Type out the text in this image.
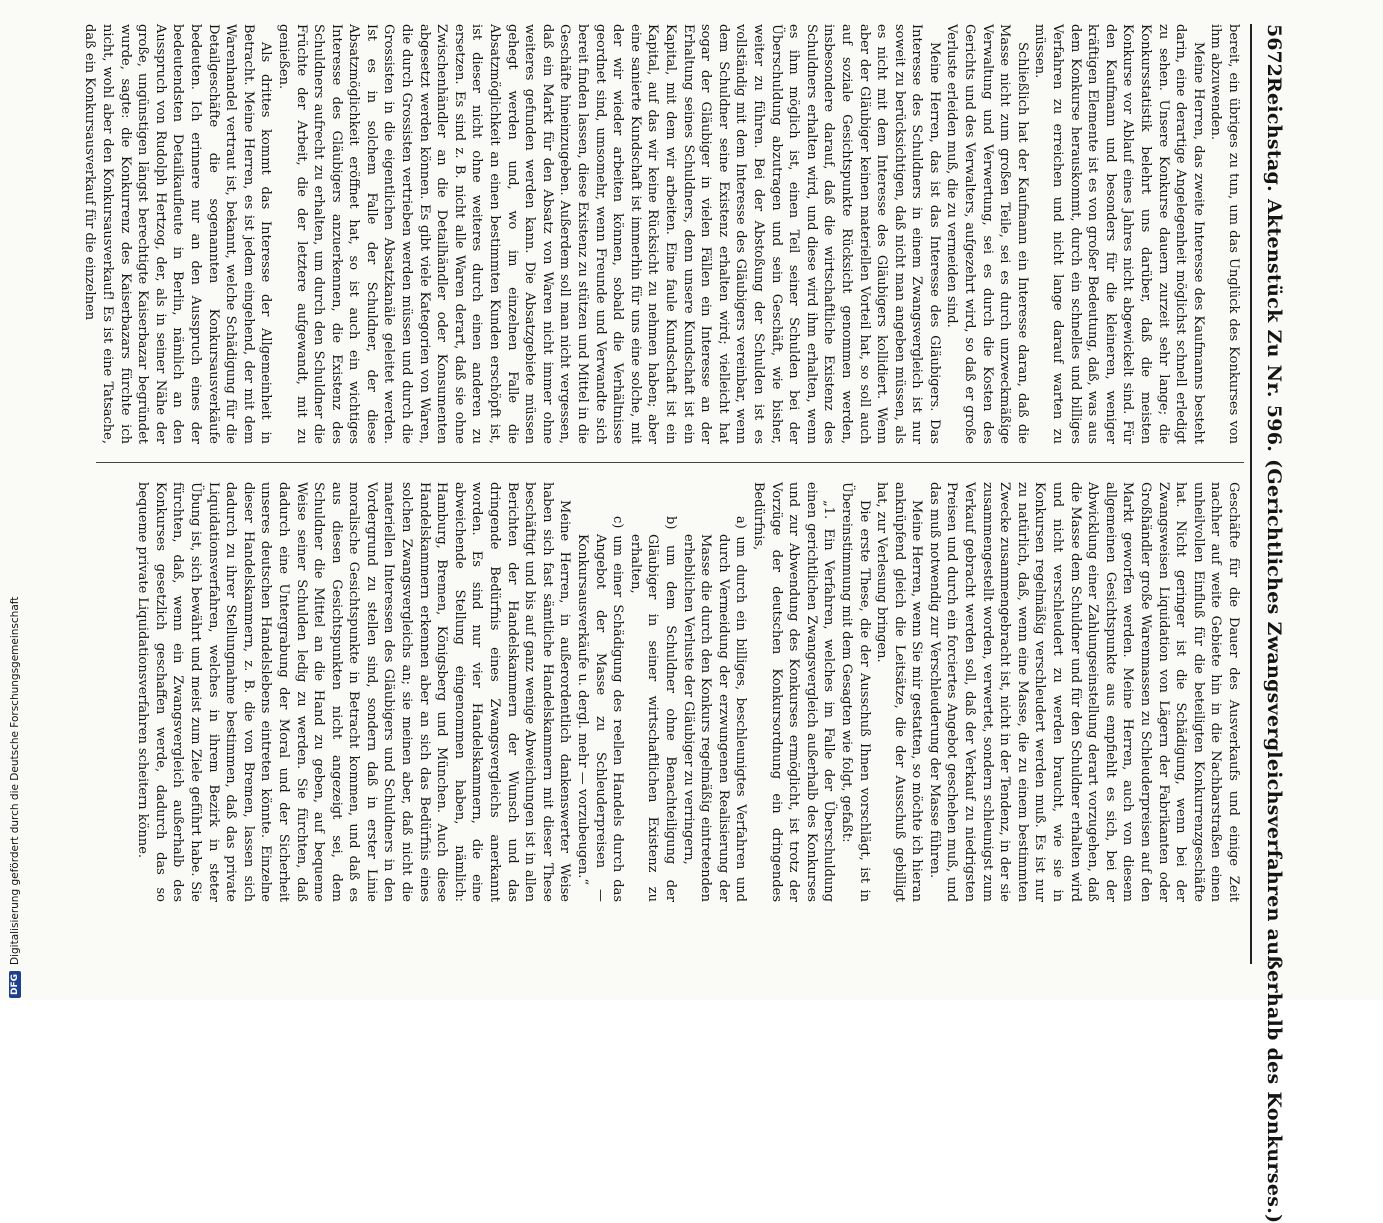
5672
Reichstag. Aktenstück Zu Nr. 596. (Gerichtliches Zwangsvergleichsverfahren außerhalb des Konkurses.)

bereit, ein übriges zu tun, um das Unglück des Konkurses von ihm abzuwenden.

Meine Herren, das zweite Interesse des Kaufmanns besteht darin, eine derartige Angelegenheit möglichst schnell erledigt zu sehen. Unsere Konkurse dauern zurzeit sehr lange; die Konkursstatistik belehrt uns darüber, daß die meisten Konkurse vor Ablauf eines Jahres nicht abgewickelt sind. Für den Kaufmann und besonders für die kleineren, weniger kräftigen Elemente ist es von großer Bedeutung, daß, was aus dem Konkurse herauskommt, durch ein schnelles und billiges Verfahren zu erreichen und nicht lange darauf warten zu müssen.

Schließlich hat der Kaufmann ein Interesse daran, daß die Masse nicht zum großen Teile, sei es durch unzweckmäßige Verwaltung und Verwertung, sei es durch die Kosten des Gerichts und des Verwalters, aufgezehrt wird, so daß er große Verluste erleiden muß, die zu vermeiden sind.

Meine Herren, das ist das Interesse des Gläubigers. Das Interesse des Schuldners in einem Zwangsvergleich ist nur soweit zu berücksichtigen, daß nicht man angeben müssen, als es nicht mit dem Interesse des Gläubigers kollidiert. Wenn aber der Gläubiger keinen materiellen Vorteil hat, so soll auch auf soziale Gesichtspunkte Rücksicht genommen werden, insbesondere darauf, daß die wirtschaftliche Existenz des Schuldners erhalten wird, und diese wird ihm erhalten, wenn es ihm möglich ist, einen Teil seiner Schulden bei der Überschuldung abzutragen und sein Geschäft, wie bisher, weiter zu führen. Bei der Abstoßung der Schulden ist es vollständig mit dem Interesse des Gläubigers vereinbar, wenn dem Schuldner seine Existenz erhalten wird; vielleicht hat sogar der Gläubiger in vielen Fällen ein Interesse an der Erhaltung seines Schuldners, denn unsere Kundschaft ist ein Kapital, mit dem wir arbeiten. Eine faule Kundschaft ist ein Kapital, auf das wir keine Rücksicht zu nehmen haben; aber eine sanierte Kundschaft ist immerhin für uns eine solche, mit der wir wieder arbeiten können, sobald die Verhältnisse geordnet sind, umsomehr, wenn Freunde und Verwandte sich bereit finden lassen, diese Existenz zu stützen und Mittel in die Geschäfte hineinzugeben. Außerdem soll man nicht vergessen, daß ein Markt für den Absatz von Waren nicht immer ohne weiteres gefunden werden kann. Die Absatzgebiete müssen gehegt werden und, wo im einzelnen Falle die Absatzmöglichkeit an einen bestimmten Kunden erschöpft ist, ist dieser nicht ohne weiteres durch einen anderen zu ersetzen. Es sind z. B. nicht alle Waren derart, daß sie ohne Zwischenhändler an die Detailhändler oder Konsumenten abgesetzt werden können. Es gibt viele Kategorien von Waren, die durch Grossisten vertrieben werden müssen und durch die Grossisten in die eigentlichen Absatzkanäle geleitet werden. Ist es in solchem Falle der Schuldner, der diese Absatzmöglichkeit eröffnet hat, so ist auch ein wichtiges Interesse des Gläubigers anzuerkennen, die Existenz des Schuldners aufrecht zu erhalten, um durch den Schuldner die Früchte der Arbeit, die der letztere aufgewandt, mit zu genießen.

Als drittes kommt das Interesse der Allgemeinheit in Betracht. Meine Herren, es ist jedem eingehend, der mit dem Warenhandel vertraut ist, bekannt, welche Schädigung für die Detailgeschäfte die sogenannten Konkursausverkäufe bedeuten. Ich erinnere nur an den Ausspruch eines der bedeutendsten Detailkaufleute in Berlin, nämlich an den Ausspruch von Rudolph Hertzog, der, als in seiner Nähe der große, ungünstigen längst berechtigte Kaiserbazar begründet wurde, sagte: die Konkurrenz des Kaiserbazars fürchte ich nicht, wohl aber den Konkursausverkauf! Es ist eine Tatsache, daß ein Konkursausverkauf für die einzelnen

Geschäfte für die Dauer des Ausverkaufs und einige Zeit nachher auf weite Gebiete hin in die Nachbarstraßen einen unheilvollen Einfluß für die beteiligten Konkurrenzgeschäfte hat. Nicht geringer ist die Schädigung, wenn bei der Zwangsweisen Liquidation von Lägern der Fabrikanten oder Großhändler große Warenmassen zu Schleuderpreisen auf den Markt geworfen werden. Meine Herren, auch von diesem allgemeinen Gesichtspunkte aus empfiehlt es sich, bei der Abwicklung einer Zahlungseinstellung derart vorzugehen, daß die Masse dem Schuldner und für den Schuldner erhalten wird und nicht verschleudert zu werden braucht, wie sie in Konkursen regelmäßig verschleudert werden muß. Es ist nur zu natürlich, daß, wenn eine Masse, die zu einem bestimmten Zwecke zusammengebracht ist, nicht in der Tendenz, in der sie zusammengestellt worden, verwertet, sondern schleunigst zum Verkauf gebracht werden soll, daß der Verkauf zu niedrigsten Preisen und durch ein forciertes Angebot geschehen muß, und das muß notwendig zur Verschleuderung der Masse führen.

Meine Herren, wenn Sie mir gestatten, so möchte ich hieran anknüpfend gleich die Leitsätze, die der Ausschuß gebilligt hat, zur Verlesung bringen.

Die erste These, die der Ausschuß Ihnen vorschlägt, ist in Übereinstimmung mit dem Gesagten wie folgt, gefaßt:

„1. Ein Verfahren, welches im Falle der Überschuldung einen gerichtlichen Zwangsvergleich außerhalb des Konkurses und zur Abwendung des Konkurses ermöglicht, ist trotz der Vorzüge der deutschen Konkursordnung ein dringendes Bedürfnis,

a) um durch ein billiges, beschleunigtes Verfahren und durch Vermeidung der erzwungenen Realisierung der Masse die durch den Konkurs regelmäßig eintretenden erheblichen Verluste der Gläubiger zu verringern,
b) um dem Schuldner ohne Benachteiligung der Gläubiger in seiner wirtschaftlichen Existenz zu erhalten,
c) um einer Schädigung des reellen Handels durch das Angebot der Masse zu Schleuderpreisen — Konkursausverkäufe u. dergl. mehr — vorzubeugen.“

Meine Herren, in außerordentlich dankenswerter Weise haben sich fast sämtliche Handelskammern mit dieser These beschäftigt und bis auf ganz wenige Abweichungen ist in allen Berichten der Handelskammern der Wunsch und das dringende Bedürfnis eines Zwangsvergleichs anerkannt worden. Es sind nur vier Handelskammern, die eine abweichende Stellung eingenommen haben, nämlich: Hamburg, Bremen, Königsberg und München. Auch diese Handelskammern erkennen aber an sich das Bedürfnis eines solchen Zwangsvergleichs an; sie meinen aber, daß nicht die materiellen Interessen des Gläubigers und Schuldners in den Vordergrund zu stellen sind, sondern daß in erster Linie moralische Gesichtspunkte in Betracht kommen, und daß es aus diesen Gesichtspunkten nicht angezeigt sei, dem Schuldner die Mittel an die Hand zu geben, auf bequeme Weise seiner Schulden ledig zu werden. Sie fürchten, daß dadurch eine Untergrabung der Moral und der Sicherheit unseres deutschen Handelslebens eintreten könnte. Einzelne dieser Handelskammern, z. B. die von Bremen, lassen sich dadurch zu ihrer Stellungnahme bestimmen, daß das private Liquidationsverfahren, welches in ihrem Bezirk in steter Übung ist, sich bewährt und meist zum Ziele geführt habe. Sie fürchten, daß, wenn ein Zwangsvergleich außerhalb des Konkurses gesetzlich geschaffen werde, dadurch das so bequeme private Liquidationsverfahren scheitern könne.

DFG
Digitalisierung gefördert durch die Deutsche Forschungsgemeinschaft
